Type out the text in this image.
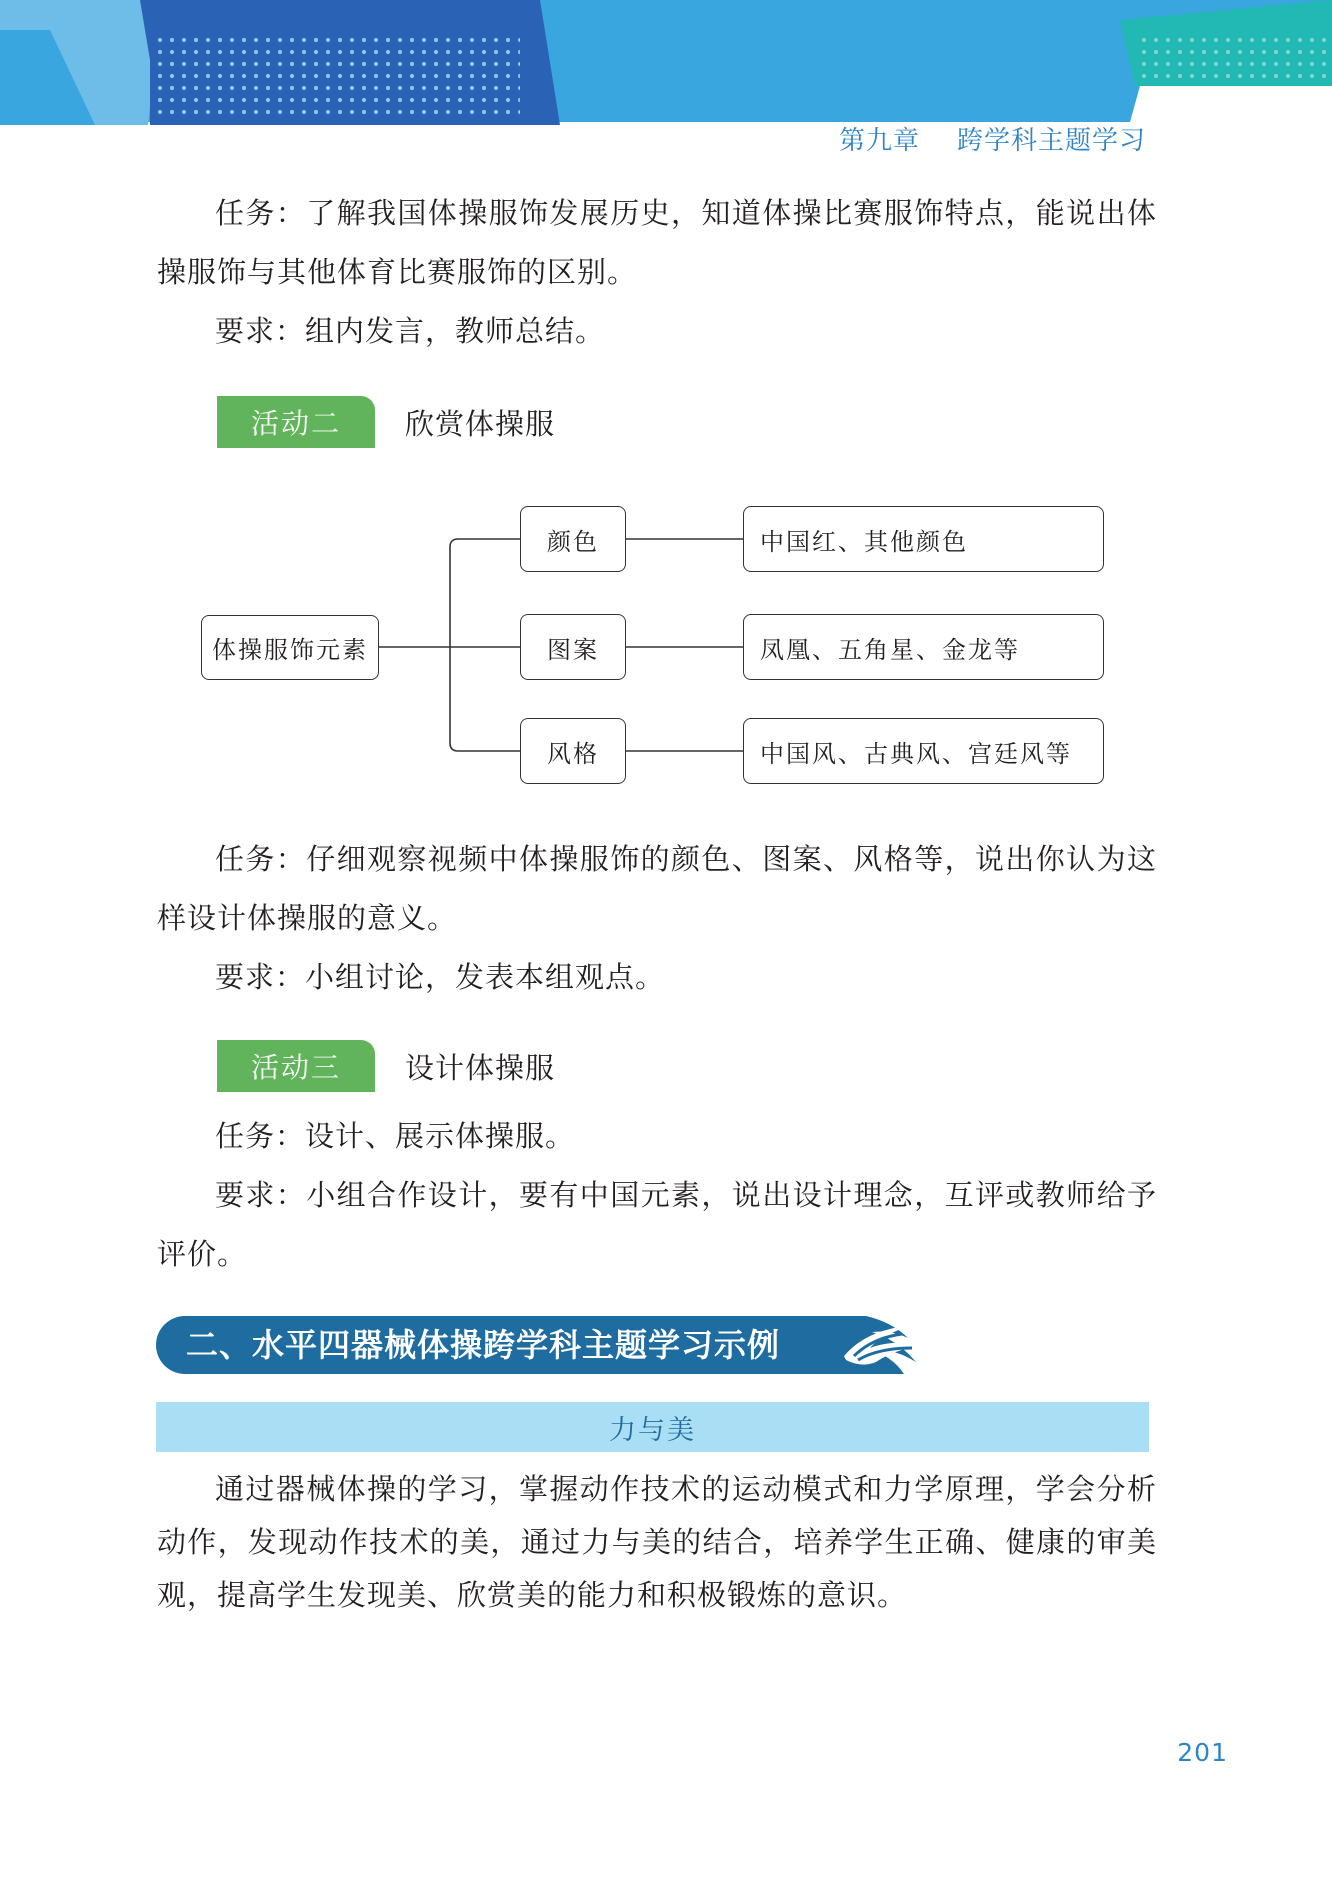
第九章    跨学科主题学习

任务：了解我国体操服饰发展历史，知道体操比赛服饰特点，能说出体操服饰与其他体育比赛服饰的区别。

要求：组内发言，教师总结。

活动二	欣赏体操服
体操服饰元素
颜色
图案
风格
中国红、其他颜色
凤凰、五角星、金龙等
中国风、古典风、宫廷风等

任务：仔细观察视频中体操服饰的颜色、图案、风格等，说出你认为这样设计体操服的意义。

要求：小组讨论，发表本组观点。

活动三	设计体操服

任务：设计、展示体操服。

要求：小组合作设计，要有中国元素，说出设计理念，互评或教师给予评价。

二、水平四器械体操跨学科主题学习示例
力与美

通过器械体操的学习，掌握动作技术的运动模式和力学原理，学会分析动作，发现动作技术的美，通过力与美的结合，培养学生正确、健康的审美观，提高学生发现美、欣赏美的能力和积极锻炼的意识。

201
